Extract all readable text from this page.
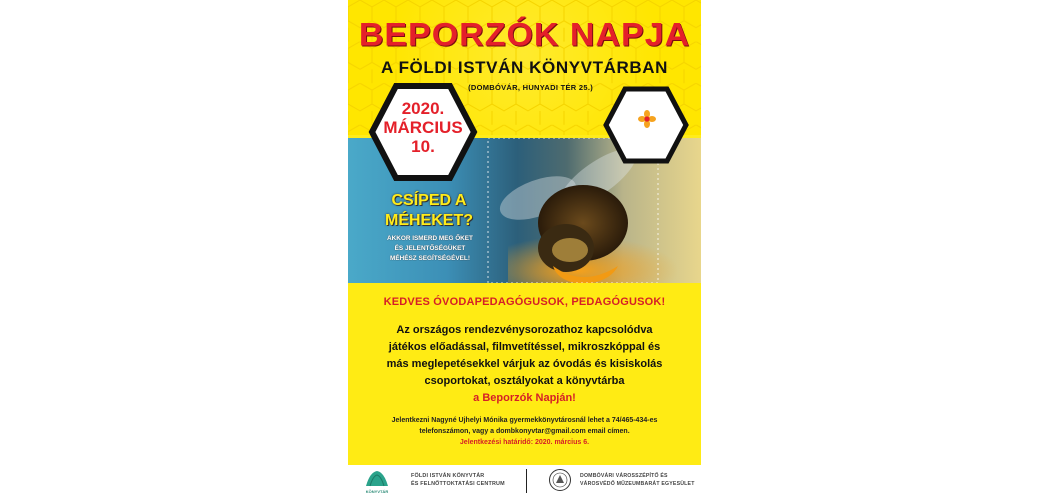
BEPORZÓK NAPJA
A FÖLDI ISTVÁN KÖNYVTÁRBAN
(DOMBÓVÁR, HUNYADI TÉR 25.)
2020.
MÁRCIUS
10.
CSÍPED A
MÉHEKET?
AKKOR ISMERD MEG ŐKET
ÉS JELENTŐSÉGÜKET
MÉHÉSZ SEGÍTSÉGÉVEL!
KEDVES ÓVODAPEDAGÓGUSOK, PEDAGÓGUSOK!
Az országos rendezvénysorozathoz kapcsolódva
játékos előadással, filmvetítéssel, mikroszkóppal és
más meglepetésekkel várjuk az óvodás és kisiskolás
csoportokat, osztályokat a könyvtárba
a Beporzók Napján!
Jelentkezni Nagyné Ujhelyi Mónika gyermekkönyvtárosnál lehet a 74/465-434-es
telefonszámon, vagy a dombkonyvtar@gmail.com email címen.
Jelentkezési határidő: 2020. március 6.
KÖNYVTÁR
FÖLDI ISTVÁN KÖNYVTÁR
ÉS FELNŐTTOKTATÁSI CENTRUM
DOMBÓVÁRI VÁROSSZÉPÍTŐ ÉS
VÁROSVÉDŐ MŰZEUMBARÁT EGYESÜLET
